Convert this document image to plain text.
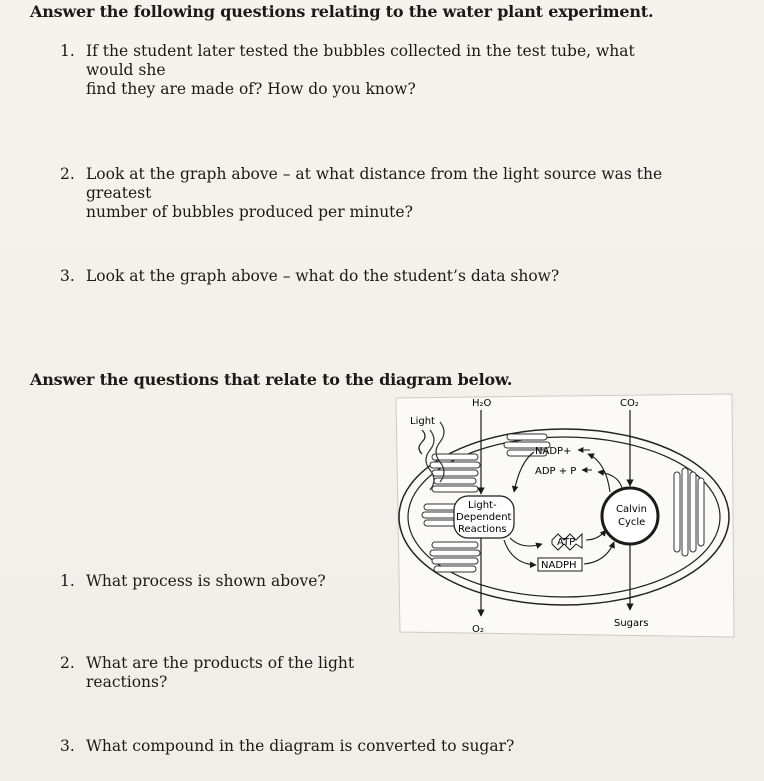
Answer the following questions relating to the water plant experiment.
1. If the student later tested the bubbles collected in the test tube, what would she
find they are made of? How do you know?
2. Look at the graph above – at what distance from the light source was the greatest
number of bubbles produced per minute?
3. Look at the graph above – what do the student’s data show?
Answer the questions that relate to the diagram below.
1. What process is shown above?
2. What are the products of the light reactions?
3. What compound in the diagram is converted to sugar?
Light
H₂O
Light-
Dependent
Reactions
O₂
NADP+
ADP + P
ATP
NADPH
CO₂
Calvin
Cycle
Sugars
